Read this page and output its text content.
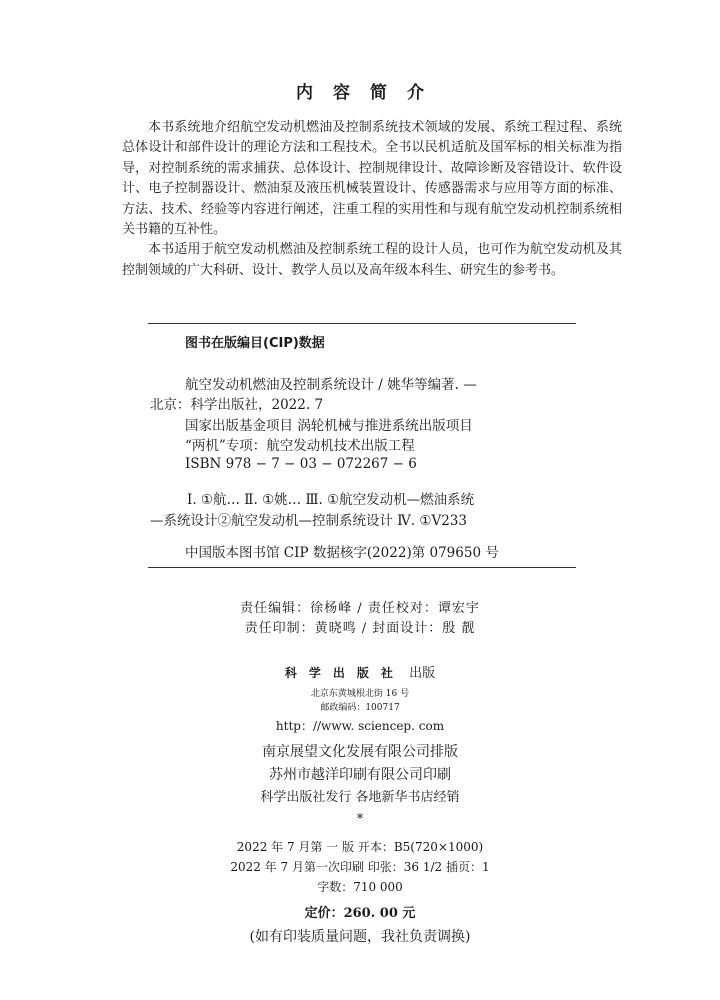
内容简介

本书系统地介绍航空发动机燃油及控制系统技术领域的发展、系统工程过程、系统总体设计和部件设计的理论方法和工程技术。全书以民机适航及国军标的相关标准为指导，对控制系统的需求捕获、总体设计、控制规律设计、故障诊断及容错设计、软件设计、电子控制器设计、燃油泵及液压机械装置设计、传感器需求与应用等方面的标准、方法、技术、经验等内容进行阐述，注重工程的实用性和与现有航空发动机控制系统相关书籍的互补性。

本书适用于航空发动机燃油及控制系统工程的设计人员，也可作为航空发动机及其控制领域的广大科研、设计、教学人员以及高年级本科生、研究生的参考书。

图书在版编目(CIP)数据
航空发动机燃油及控制系统设计 / 姚华等编著. —
北京：科学出版社，2022. 7
国家出版基金项目 涡轮机械与推进系统出版项目
“两机”专项：航空发动机技术出版工程
ISBN 978 − 7 − 03 − 072267 − 6
Ⅰ. ①航… Ⅱ. ①姚… Ⅲ. ①航空发动机—燃油系统
—系统设计②航空发动机—控制系统设计 Ⅳ. ①V233
中国版本图书馆 CIP 数据核字(2022)第 079650 号
责任编辑：徐杨峰 / 责任校对：谭宏宇
责任印制：黄晓鸣 / 封面设计：殷 靓
科学出版社 出版
北京东黄城根北街 16 号
邮政编码：100717
http：//www. sciencep. com
南京展望文化发展有限公司排版
苏州市越洋印刷有限公司印刷
科学出版社发行 各地新华书店经销
*
2022 年 7 月第 一 版 开本：B5(720×1000)
2022 年 7 月第一次印刷 印张：36 1/2 插页：1
字数：710 000
定价：260. 00 元
(如有印装质量问题，我社负责调换)
